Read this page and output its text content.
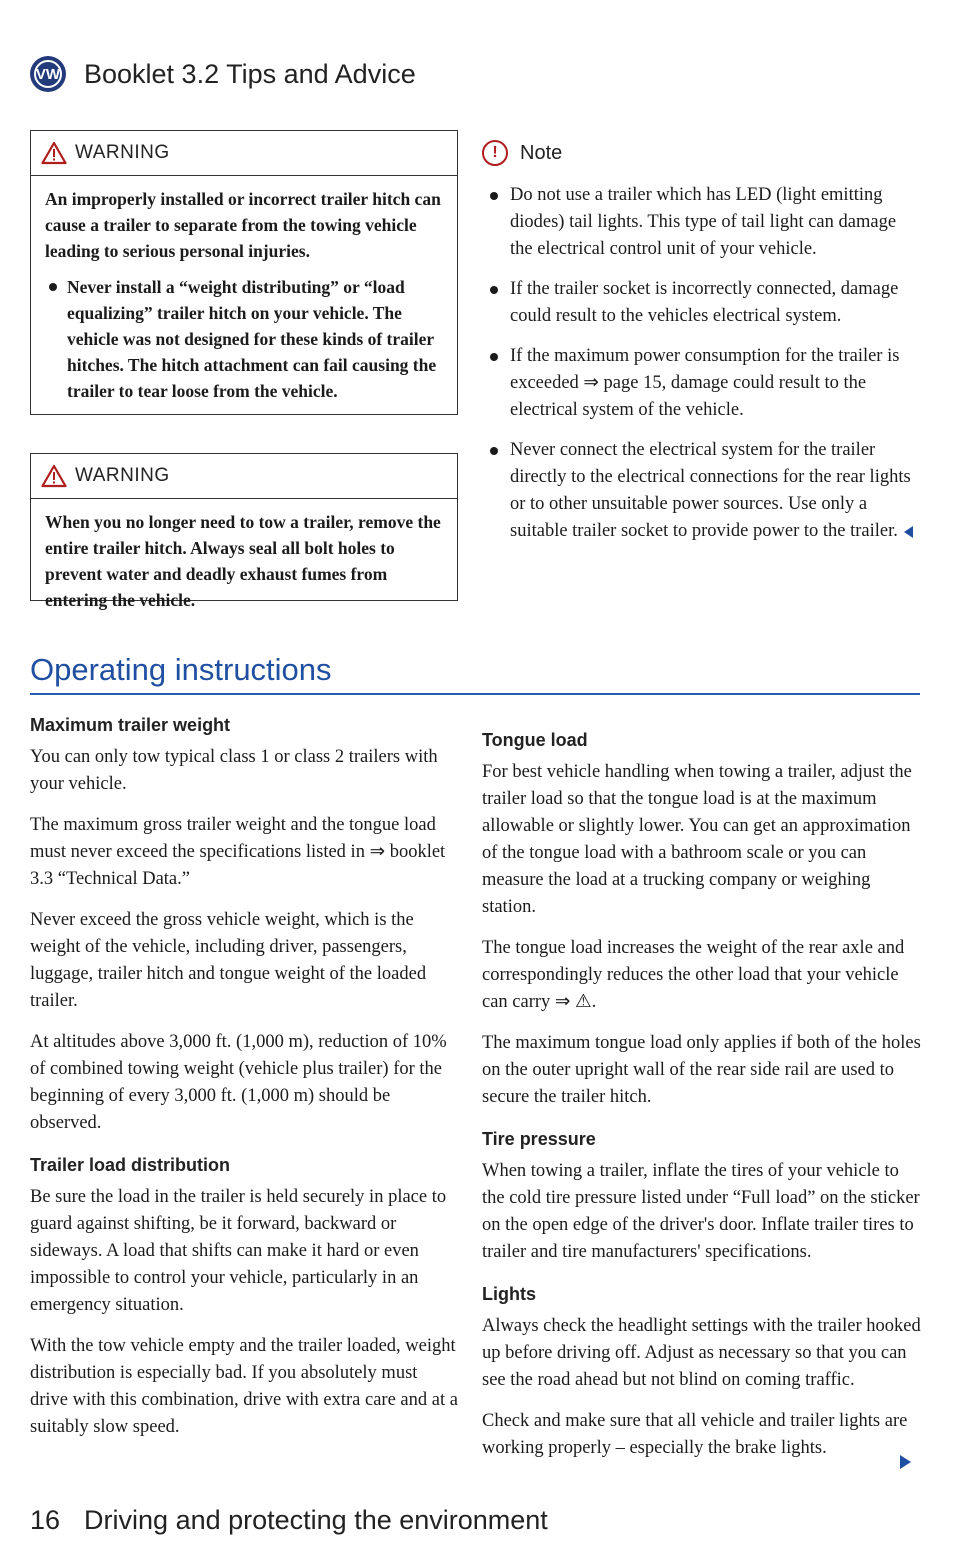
VW Booklet 3.2 Tips and Advice
WARNING

An improperly installed or incorrect trailer hitch can cause a trailer to separate from the towing vehicle leading to serious personal injuries.

Never install a “weight distributing” or “load equalizing” trailer hitch on your vehicle. The vehicle was not designed for these kinds of trailer hitches. The hitch attachment can fail causing the trailer to tear loose from the vehicle.

WARNING

When you no longer need to tow a trailer, remove the entire trailer hitch. Always seal all bolt holes to prevent water and deadly exhaust fumes from entering the vehicle.

!	Note
Do not use a trailer which has LED (light emitting diodes) tail lights. This type of tail light can damage the electrical control unit of your vehicle.
If the trailer socket is incorrectly connected, damage could result to the vehicles electrical system.
If the maximum power consumption for the trailer is exceeded ⇒ page 15, damage could result to the electrical system of the vehicle.
Never connect the electrical system for the trailer directly to the electrical connections for the rear lights or to other unsuitable power sources. Use only a suitable trailer socket to provide power to the trailer.
Operating instructions
Maximum trailer weight

You can only tow typical class 1 or class 2 trailers with your vehicle.

The maximum gross trailer weight and the tongue load must never exceed the specifications listed in ⇒ booklet 3.3 “Technical Data.”

Never exceed the gross vehicle weight, which is the weight of the vehicle, including driver, passengers, luggage, trailer hitch and tongue weight of the loaded trailer.

At altitudes above 3,000 ft. (1,000 m), reduction of 10% of combined towing weight (vehicle plus trailer) for the beginning of every 3,000 ft. (1,000 m) should be observed.

Trailer load distribution

Be sure the load in the trailer is held securely in place to guard against shifting, be it forward, backward or sideways. A load that shifts can make it hard or even impossible to control your vehicle, particularly in an emergency situation.

With the tow vehicle empty and the trailer loaded, weight distribution is especially bad. If you absolutely must drive with this combination, drive with extra care and at a suitably slow speed.

Tongue load

For best vehicle handling when towing a trailer, adjust the trailer load so that the tongue load is at the maximum allowable or slightly lower. You can get an approximation of the tongue load with a bathroom scale or you can measure the load at a trucking company or weighing station.

The tongue load increases the weight of the rear axle and correspondingly reduces the other load that your vehicle can carry ⇒ ⚠.

The maximum tongue load only applies if both of the holes on the outer upright wall of the rear side rail are used to secure the trailer hitch.

Tire pressure

When towing a trailer, inflate the tires of your vehicle to the cold tire pressure listed under “Full load” on the sticker on the open edge of the driver's door. Inflate trailer tires to trailer and tire manufacturers' specifications.

Lights

Always check the headlight settings with the trailer hooked up before driving off. Adjust as necessary so that you can see the road ahead but not blind on coming traffic.

Check and make sure that all vehicle and trailer lights are working properly – especially the brake lights.

16 Driving and protecting the environment
